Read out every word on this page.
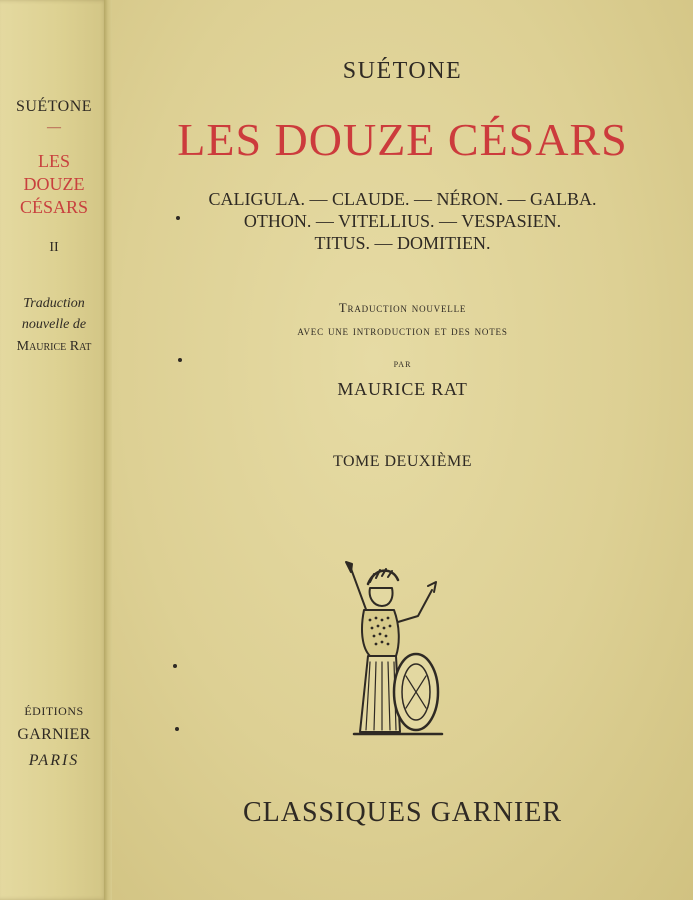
SUÉTONE
—
LES
DOUZE
CÉSARS
II
Traduction
nouvelle de
Maurice Rat
ÉDITIONS
GARNIER
PARIS
SUÉTONE
LES DOUZE CÉSARS
CALIGULA. — CLAUDE. — NÉRON. — GALBA.
OTHON. — VITELLIUS. — VESPASIEN.
TITUS. — DOMITIEN.
Traduction nouvelle
avec une introduction et des notes
par
MAURICE RAT
TOME DEUXIÈME
CLASSIQUES GARNIER
